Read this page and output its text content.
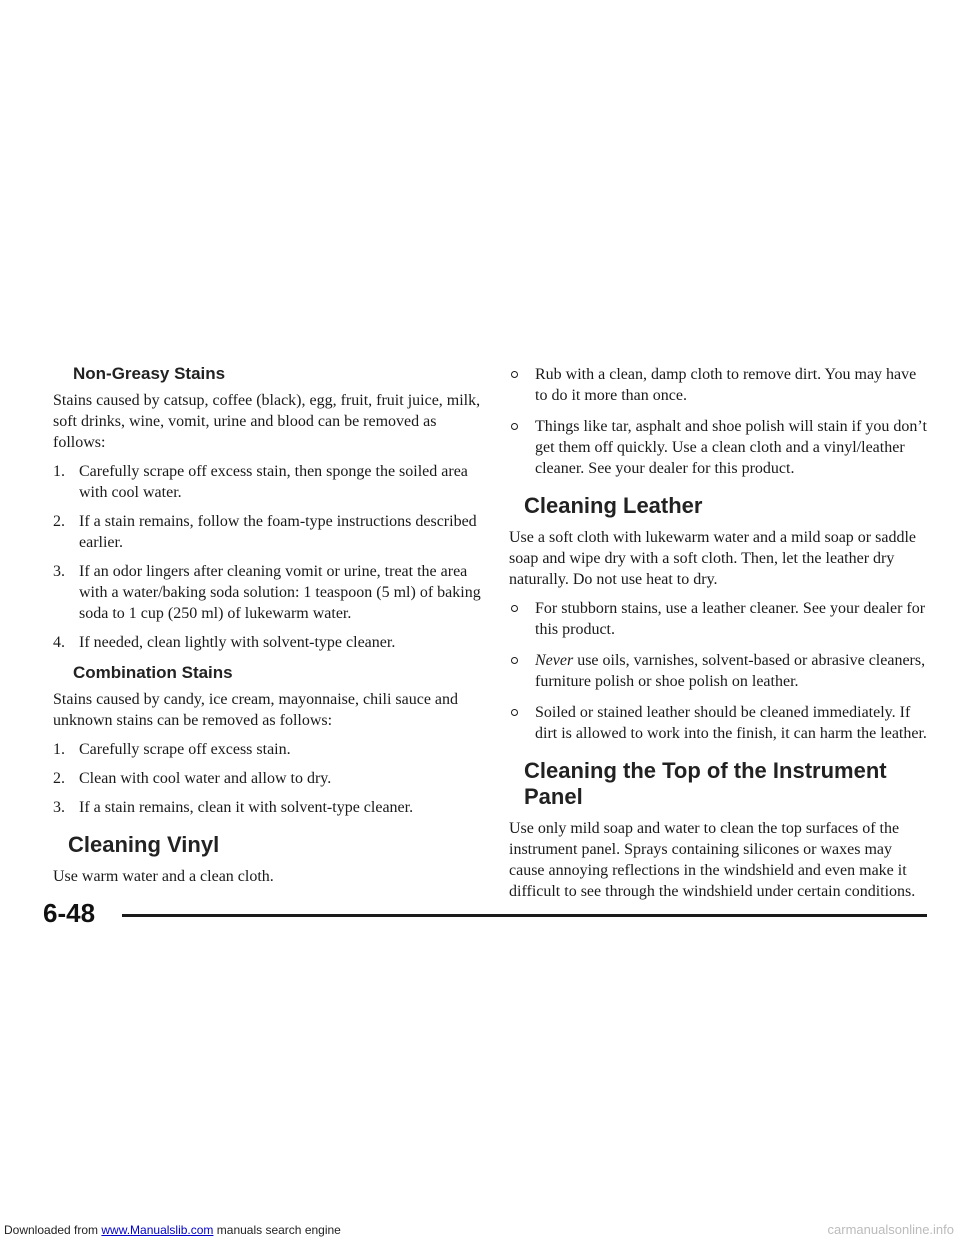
Non-Greasy Stains

Stains caused by catsup, coffee (black), egg, fruit, fruit juice, milk, soft drinks, wine, vomit, urine and blood can be removed as follows:

1. Carefully scrape off excess stain, then sponge the soiled area with cool water.
2. If a stain remains, follow the foam-type instructions described earlier.
3. If an odor lingers after cleaning vomit or urine, treat the area with a water/baking soda solution: 1 teaspoon (5 ml) of baking soda to 1 cup (250 ml) of lukewarm water.
4. If needed, clean lightly with solvent-type cleaner.
Combination Stains

Stains caused by candy, ice cream, mayonnaise, chili sauce and unknown stains can be removed as follows:

1. Carefully scrape off excess stain.
2. Clean with cool water and allow to dry.
3. If a stain remains, clean it with solvent-type cleaner.
Cleaning Vinyl

Use warm water and a clean cloth.

Rub with a clean, damp cloth to remove dirt. You may have to do it more than once.
Things like tar, asphalt and shoe polish will stain if you don’t get them off quickly. Use a clean cloth and a vinyl/leather cleaner. See your dealer for this product.
Cleaning Leather

Use a soft cloth with lukewarm water and a mild soap or saddle soap and wipe dry with a soft cloth. Then, let the leather dry naturally. Do not use heat to dry.

For stubborn stains, use a leather cleaner. See your dealer for this product.
Never use oils, varnishes, solvent-based or abrasive cleaners, furniture polish or shoe polish on leather.
Soiled or stained leather should be cleaned immediately. If dirt is allowed to work into the finish, it can harm the leather.
Cleaning the Top of the Instrument Panel

Use only mild soap and water to clean the top surfaces of the instrument panel. Sprays containing silicones or waxes may cause annoying reflections in the windshield and even make it difficult to see through the windshield under certain conditions.

6-48
Downloaded from www.Manualslib.com manuals search engine	carmanualsonline.info
